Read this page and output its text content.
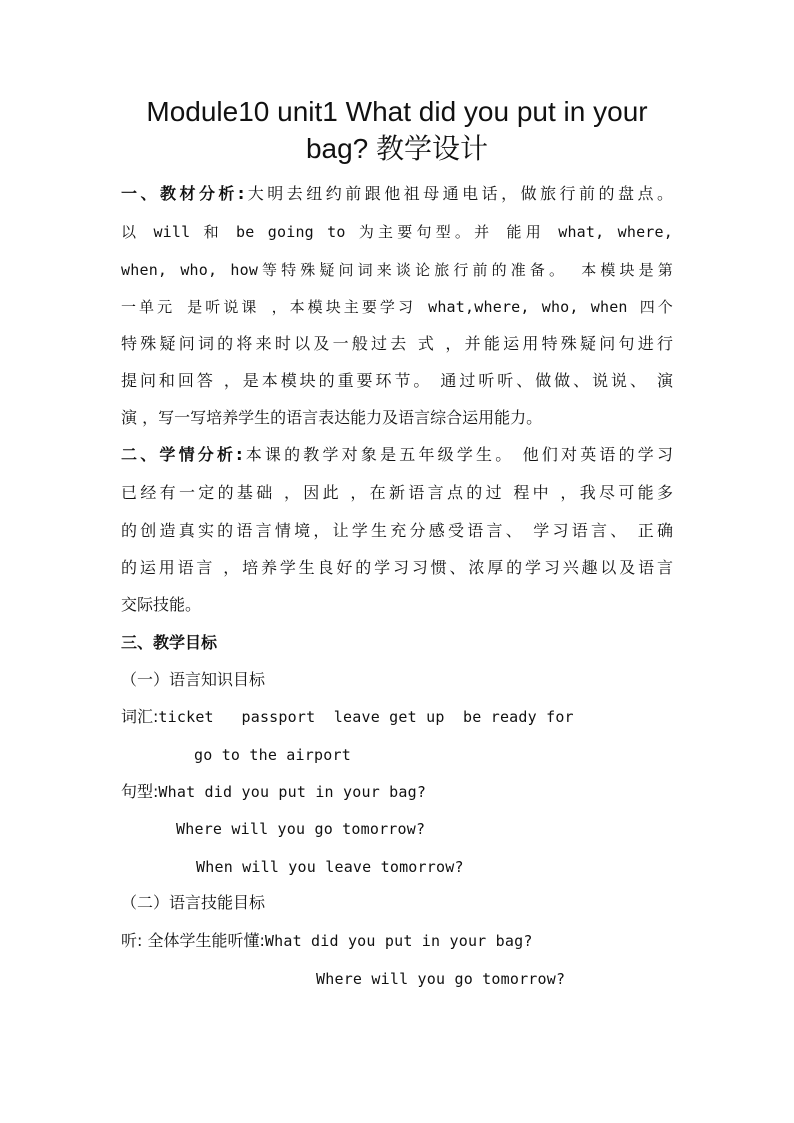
Module10 unit1 What did you put in your
bag? 教学设计
一、教材分析:大明去纽约前跟他祖母通电话，做旅行前的盘点。
以 will 和 be going to 为主要句型。并 能用 what, where,
when, who, how等特殊疑问词来谈论旅行前的准备。 本模块是第
一单元 是听说课 ，本模块主要学习 what,where, who, when 四个
特殊疑问词的将来时以及一般过去 式 ，并能运用特殊疑问句进行
提问和回答 ，是本模块的重要环节。 通过听听、做做、说说、 演
演 ，写一写培养学生的语言表达能力及语言综合运用能力。
二、学情分析:本课的教学对象是五年级学生。 他们对英语的学习
已经有一定的基础 ，因此 ，在新语言点的过 程中 ，我尽可能多
的创造真实的语言情境，让学生充分感受语言、 学习语言、 正确
的运用语言 ，培养学生良好的学习习惯、浓厚的学习兴趣以及语言
交际技能。
三、教学目标
（一）语言知识目标
词汇:ticket   passport  leave get up  be ready for
go to the airport
句型:What did you put in your bag?
Where will you go tomorrow?
When will you leave tomorrow?
（二）语言技能目标
听: 全体学生能听懂:What did you put in your bag?
Where will you go tomorrow?
